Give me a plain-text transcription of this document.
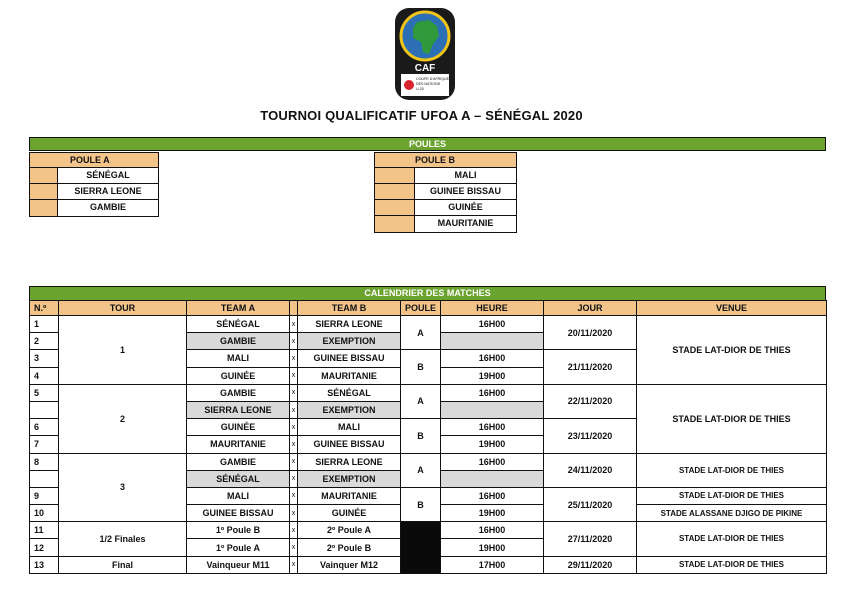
CAF
COUPE D'AFRIQUE
DES NATIONS
U-20
TOURNOI QUALIFICATIF UFOA A – SÉNÉGAL 2020
POULES
POULE A
SÉNÉGAL
SIERRA LEONE
GAMBIE
POULE B
MALI
GUINEE BISSAU
GUINÉE
MAURITANIE
CALENDRIER DES MATCHES
N.º	TOUR	TEAM A		TEAM B	POULE	HEURE	JOUR	VENUE
1	1	SÉNÉGAL	x	SIERRA LEONE	A	16H00	20/11/2020	STADE LAT-DIOR DE THIES
2		GAMBIE	x	EXEMPTION				
3		MALI	x	GUINEE BISSAU	B	16H00	21/11/2020	
4		GUINÉE	x	MAURITANIE		19H00		
5	2	GAMBIE	x	SÉNÉGAL	A	16H00	22/11/2020	STADE LAT-DIOR DE THIES
		SIERRA LEONE	x	EXEMPTION				
6		GUINÉE	x	MALI	B	16H00	23/11/2020	
7		MAURITANIE	x	GUINEE BISSAU		19H00		
8	3	GAMBIE	x	SIERRA LEONE	A	16H00	24/11/2020	STADE LAT-DIOR DE THIES
		SÉNÉGAL	x	EXEMPTION				
9		MALI	x	MAURITANIE	B	16H00	25/11/2020	STADE LAT-DIOR DE THIES
10		GUINEE BISSAU	x	GUINÉE		19H00		STADE ALASSANE DJIGO DE PIKINE
11	1/2 Finales	1º Poule B	x	2º Poule A		16H00	27/11/2020	STADE LAT-DIOR DE THIES
12		1º Poule A	x	2º Poule B		19H00		
13	Final	Vainqueur M11	x	Vainquer M12		17H00	29/11/2020	STADE LAT-DIOR DE THIES
